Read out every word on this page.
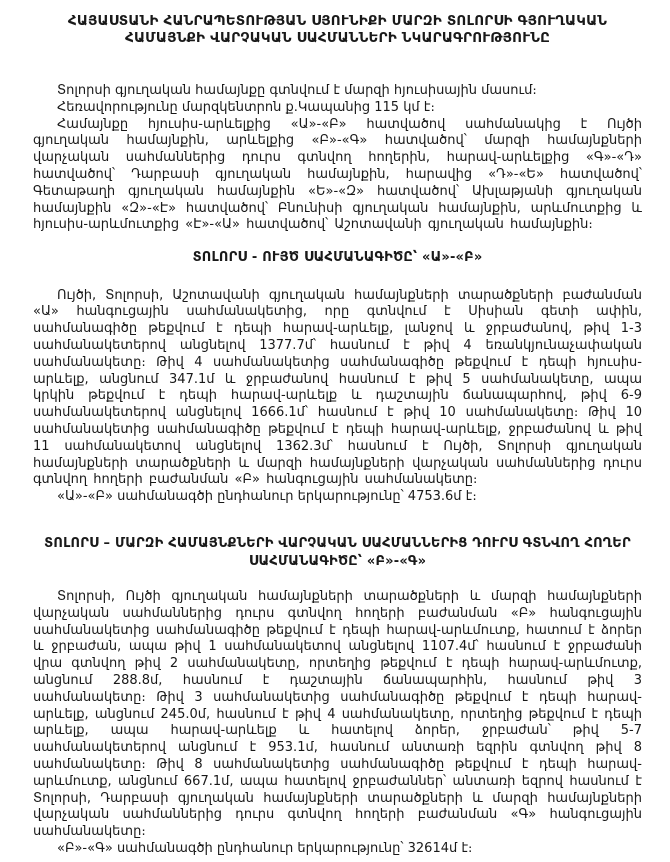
ՀԱՅԱՍՏԱՆԻ ՀԱՆՐԱՊԵՏՈՒԹՅԱՆ ՍՅՈՒՆԻՔԻ ՄԱՐԶԻ ՏՈԼՈՐՍԻ ԳՅՈՒՂԱԿԱՆ ՀԱՄԱՅՆՔԻ ՎԱՐՉԱԿԱՆ ՍԱՀՄԱՆՆԵՐԻ ՆԿԱՐԱԳՐՈՒԹՅՈՒՆԸ

Տոլորսի գյուղական համայնքը գտնվում է մարզի հյուսիսային մասում։

Հեռավորությունը մարզկենտրոն ք.Կապանից 115 կմ է։

Համայնքը հյուսիս-արևելքից «Ա»-«Բ» հատվածով սահմանակից է Ույծի գյուղական համայնքին, արևելքից «Բ»-«Գ» հատվածով՝ մարզի համայնքների վարչական սահմաններից դուրս գտնվող հողերին, հարավ-արևելքից «Գ»-«Դ» հատվածով՝ Դարբասի գյուղական համայնքին, հարավից «Դ»-«Ե» հատվածով՝ Գետաթաղի գյուղական համայնքին «Ե»-«Զ» հատվածով՝ Ախլաթյանի գյուղական համայնքին «Զ»-«Է» հատվածով՝ Բնունիսի գյուղական համայնքին, արևմուտքից և հյուսիս-արևմուտքից «Է»-«Ա» հատվածով՝ Աշոտավանի գյուղական համայնքին։

ՏՈԼՈՐՍ - ՈՒՅԾ ՍԱՀՄԱՆԱԳԻԾԸ՝ «Ա»-«Բ»

Ույծի, Տոլորսի, Աշոտավանի գյուղական համայնքների տարածքների բաժանման «Ա» հանգուցային սահմանակետից, որը գտնվում է Սիսիան գետի ափին, սահմանագիծը թեքվում է դեպի հարավ-արևելք, լանջով և ջրբաժանով, թիվ 1-3 սահմանակետերով անցնելով 1377.7մ՝ հասնում է թիվ 4 եռանկյունաչափական սահմանակետը։ Թիվ 4 սահմանակետից սահմանագիծը թեքվում է դեպի հյուսիս-արևելք, անցնում 347.1մ և ջրբաժանով հասնում է թիվ 5 սահմանակետը, ապա կրկին թեքվում է դեպի հարավ-արևելք և դաշտային ճանապարհով, թիվ 6-9 սահմանակետերով անցնելով 1666.1մ՝ հասնում է թիվ 10 սահմանակետը։ Թիվ 10 սահմանակետից սահմանագիծը թեքվում է դեպի հարավ-արևելք, ջրբաժանով և թիվ 11 սահմանակետով անցնելով 1362.3մ՝ հասնում է Ույծի, Տոլորսի գյուղական համայնքների տարածքների և մարզի համայնքների վարչական սահմաններից դուրս գտնվող հողերի բաժանման «Բ» հանգուցային սահմանակետը։

«Ա»-«Բ» սահմանագծի ընդհանուր երկարությունը՝ 4753.6մ է։

ՏՈԼՈՐՍ – ՄԱՐԶԻ ՀԱՄԱՅՆՔՆԵՐԻ ՎԱՐՉԱԿԱՆ ՍԱՀՄԱՆՆԵՐԻՑ ԴՈՒՐՍ ԳՏՆՎՈՂ ՀՈՂԵՐ ՍԱՀՄԱՆԱԳԻԾԸ՝ «Բ»-«Գ»

Տոլորսի, Ույծի գյուղական համայնքների տարածքների և մարզի համայնքների վարչական սահմաններից դուրս գտնվող հողերի բաժանման «Բ» հանգուցային սահմանակետից սահմանագիծը թեքվում է դեպի հարավ-արևմուտք, հատում է ձորեր և ջրբաժան, ապա թիվ 1 սահմանակետով անցնելով 1107.4մ՝ հասնում է ջրբաժանի վրա գտնվող թիվ 2 սահմանակետը, որտեղից թեքվում է դեպի հարավ-արևմուտք, անցնում 288.8մ, հասնում է դաշտային ճանապարհին, հասնում թիվ 3 սահմանակետը։ Թիվ 3 սահմանակետից սահմանագիծը թեքվում է դեպի հարավ-արևելք, անցնում 245.0մ, հասնում է թիվ 4 սահմանակետը, որտեղից թեքվում է դեպի արևելք, ապա հարավ-արևելք և հատելով ձորեր, ջրբաժան՝ թիվ 5-7 սահմանակետերով անցնում է 953.1մ, հասնում անտառի եզրին գտնվող թիվ 8 սահմանակետը։ Թիվ 8 սահմանակետից սահմանագիծը թեքվում է դեպի հարավ-արևմուտք, անցնում 667.1մ, ապա հատելով ջրբաժաններ՝ անտառի եզրով հասնում է Տոլորսի, Դարբասի գյուղական համայնքների տարածքների և մարզի համայնքների վարչական սահմաններից դուրս գտնվող հողերի բաժանման «Գ» հանգուցային սահմանակետը։

«Բ»-«Գ» սահմանագծի ընդհանուր երկարությունը՝ 32614մ է։
